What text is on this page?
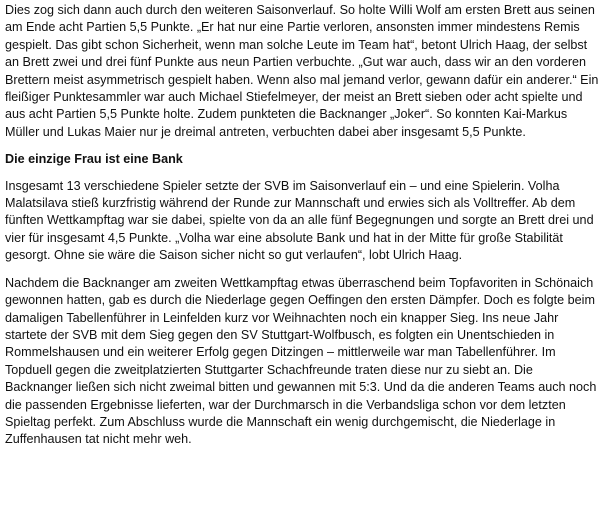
Dies zog sich dann auch durch den weiteren Saisonverlauf. So holte Willi Wolf am ersten Brett aus seinen am Ende acht Partien 5,5 Punkte. „Er hat nur eine Partie verloren, ansonsten immer mindestens Remis gespielt. Das gibt schon Sicherheit, wenn man solche Leute im Team hat“, betont Ulrich Haag, der selbst an Brett zwei und drei fünf Punkte aus neun Partien verbuchte. „Gut war auch, dass wir an den vorderen Brettern meist asymmetrisch gespielt haben. Wenn also mal jemand verlor, gewann dafür ein anderer.“ Ein fleißiger Punktesammler war auch Michael Stiefelmeyer, der meist an Brett sieben oder acht spielte und aus acht Partien 5,5 Punkte holte. Zudem punkteten die Backnanger „Joker“. So konnten Kai-Markus Müller und Lukas Maier nur je dreimal antreten, verbuchten dabei aber insgesamt 5,5 Punkte.

Die einzige Frau ist eine Bank

Insgesamt 13 verschiedene Spieler setzte der SVB im Saisonverlauf ein – und eine Spielerin. Volha Malatsilava stieß kurzfristig während der Runde zur Mannschaft und erwies sich als Volltreffer. Ab dem fünften Wettkampftag war sie dabei, spielte von da an alle fünf Begegnungen und sorgte an Brett drei und vier für insgesamt 4,5 Punkte. „Volha war eine absolute Bank und hat in der Mitte für große Stabilität gesorgt. Ohne sie wäre die Saison sicher nicht so gut verlaufen“, lobt Ulrich Haag.

Nachdem die Backnanger am zweiten Wettkampftag etwas überraschend beim Topfavoriten in Schönaich gewonnen hatten, gab es durch die Niederlage gegen Oeffingen den ersten Dämpfer. Doch es folgte beim damaligen Tabellenführer in Leinfelden kurz vor Weihnachten noch ein knapper Sieg. Ins neue Jahr startete der SVB mit dem Sieg gegen den SV Stuttgart-Wolfbusch, es folgten ein Unentschieden in Rommelshausen und ein weiterer Erfolg gegen Ditzingen – mittlerweile war man Tabellenführer. Im Topduell gegen die zweitplatzierten Stuttgarter Schachfreunde traten diese nur zu siebt an. Die Backnanger ließen sich nicht zweimal bitten und gewannen mit 5:3. Und da die anderen Teams auch noch die passenden Ergebnisse lieferten, war der Durchmarsch in die Verbandsliga schon vor dem letzten Spieltag perfekt. Zum Abschluss wurde die Mannschaft ein wenig durchgemischt, die Niederlage in Zuffenhausen tat nicht mehr weh.
